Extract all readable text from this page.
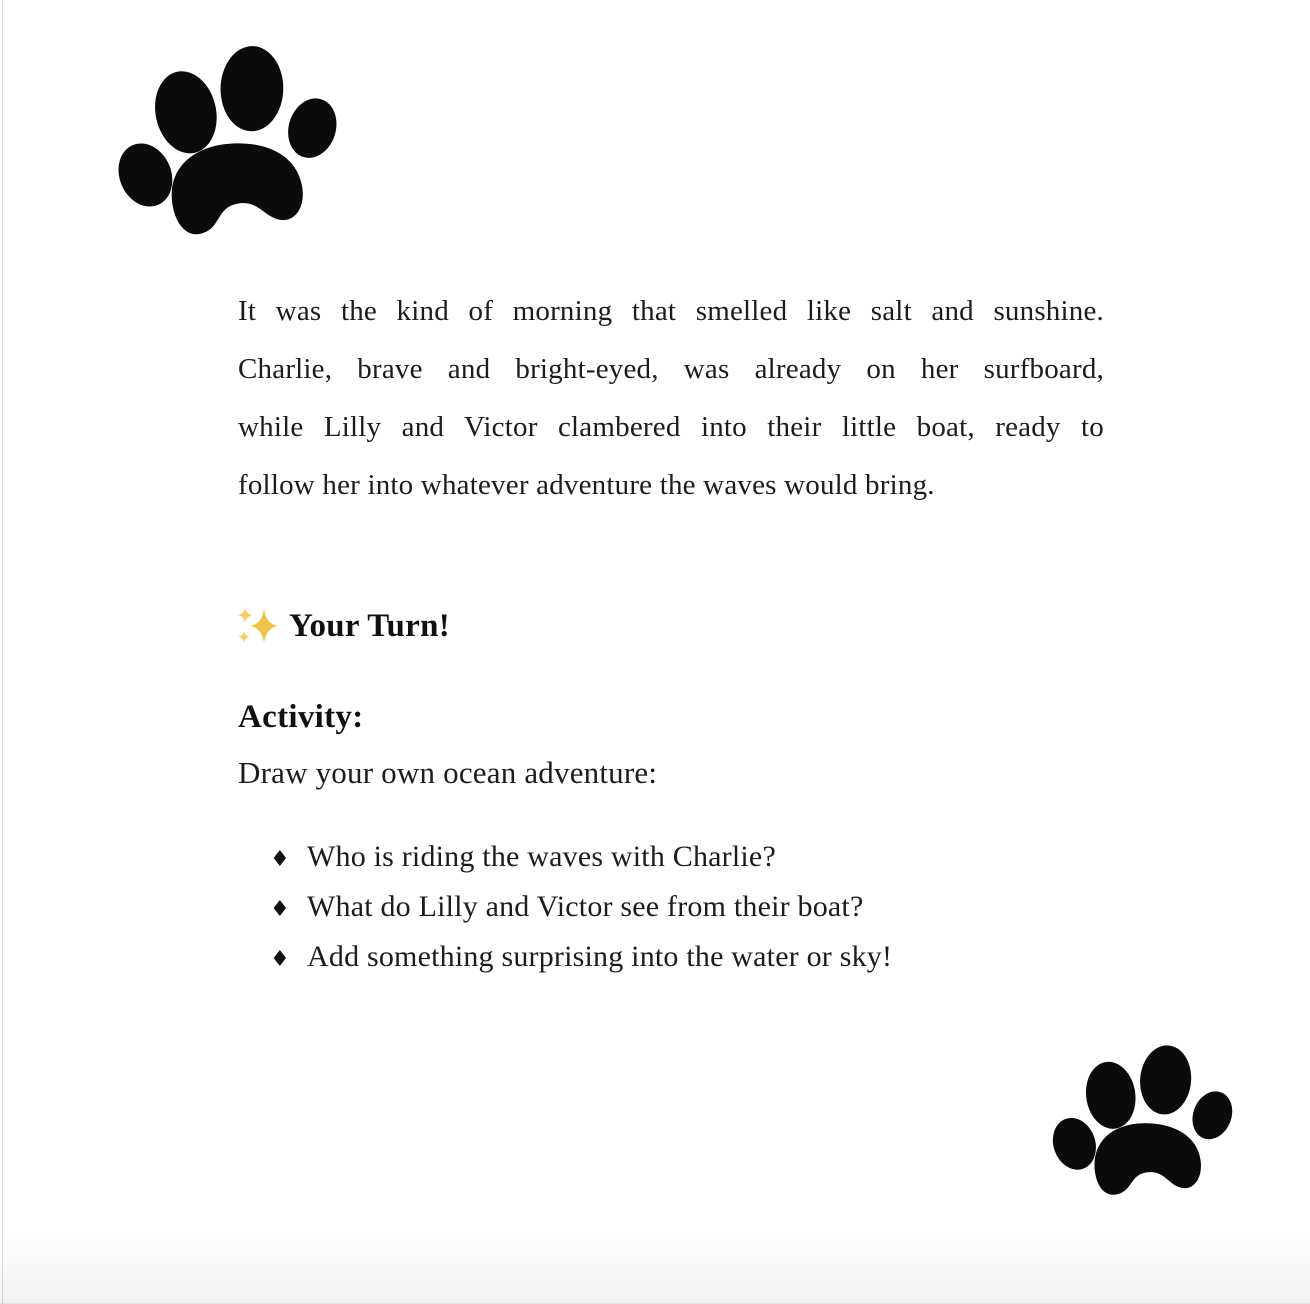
It was the kind of morning that smelled like salt and sunshine.
Charlie, brave and bright-eyed, was already on her surfboard,
while Lilly and Victor clambered into their little boat, ready to
follow her into whatever adventure the waves would bring.
Your Turn!
Activity:
Draw your own ocean adventure:
♦ Who is riding the waves with Charlie?
♦ What do Lilly and Victor see from their boat?
♦ Add something surprising into the water or sky!
